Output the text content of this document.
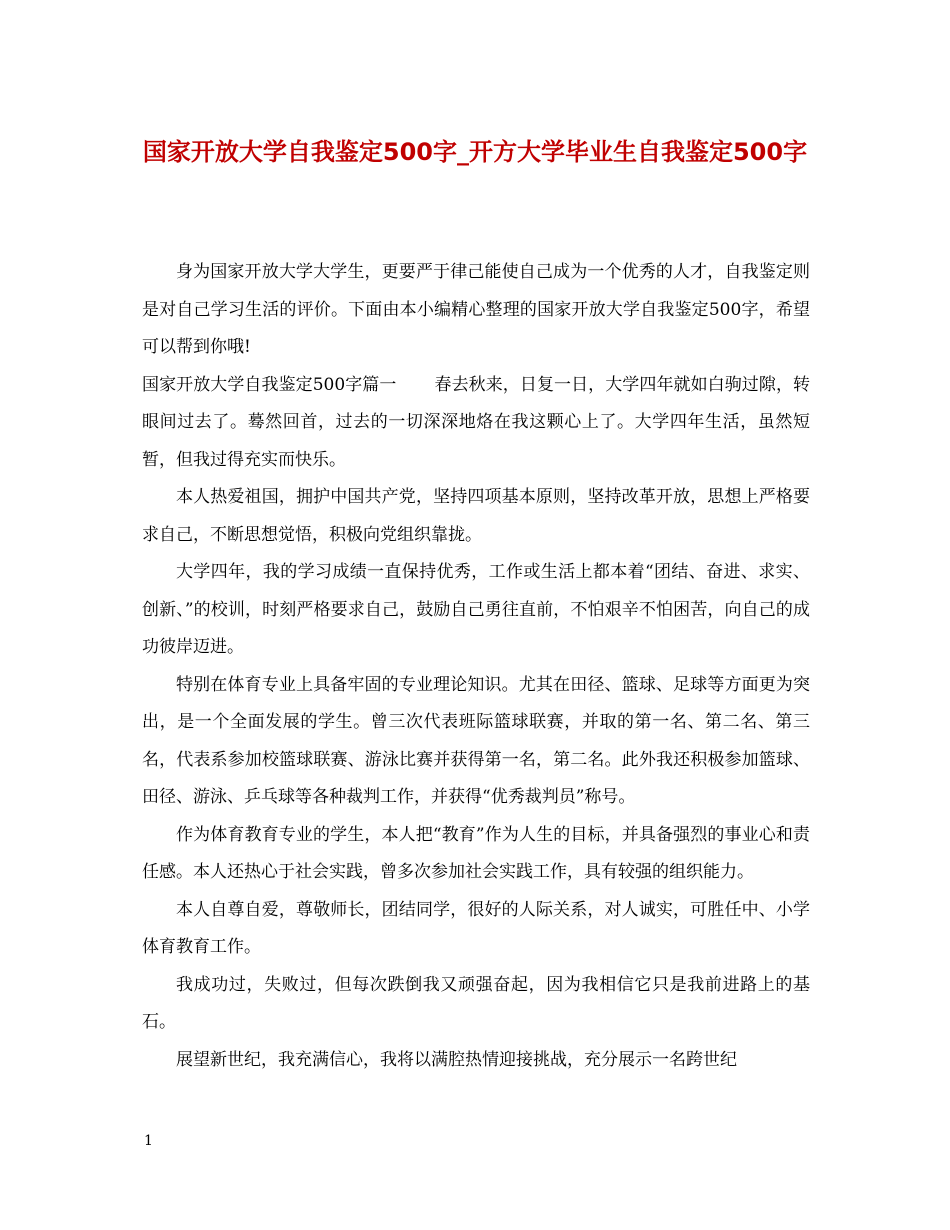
国家开放大学自我鉴定500字_开方大学毕业生自我鉴定500字

身为国家开放大学大学生，更要严于律己能使自己成为一个优秀的人才，自我鉴定则是对自己学习生活的评价。下面由本小编精心整理的国家开放大学自我鉴定500字，希望可以帮到你哦!

国家开放大学自我鉴定500字篇一 春去秋来，日复一日，大学四年就如白驹过隙，转眼间过去了。蓦然回首，过去的一切深深地烙在我这颗心上了。大学四年生活，虽然短暂，但我过得充实而快乐。

本人热爱祖国，拥护中国共产党，坚持四项基本原则，坚持改革开放，思想上严格要求自己，不断思想觉悟，积极向党组织靠拢。

大学四年，我的学习成绩一直保持优秀，工作或生活上都本着“团结、奋进、求实、创新、”的校训，时刻严格要求自己，鼓励自己勇往直前，不怕艰辛不怕困苦，向自己的成功彼岸迈进。

特别在体育专业上具备牢固的专业理论知识。尤其在田径、篮球、足球等方面更为突出，是一个全面发展的学生。曾三次代表班际篮球联赛，并取的第一名、第二名、第三名，代表系参加校篮球联赛、游泳比赛并获得第一名，第二名。此外我还积极参加篮球、田径、游泳、乒乓球等各种裁判工作，并获得“优秀裁判员”称号。

作为体育教育专业的学生，本人把“教育”作为人生的目标，并具备强烈的事业心和责任感。本人还热心于社会实践，曾多次参加社会实践工作，具有较强的组织能力。

本人自尊自爱，尊敬师长，团结同学，很好的人际关系，对人诚实，可胜任中、小学体育教育工作。

我成功过，失败过，但每次跌倒我又顽强奋起，因为我相信它只是我前进路上的基石。

展望新世纪，我充满信心，我将以满腔热情迎接挑战，充分展示一名跨世纪

1
